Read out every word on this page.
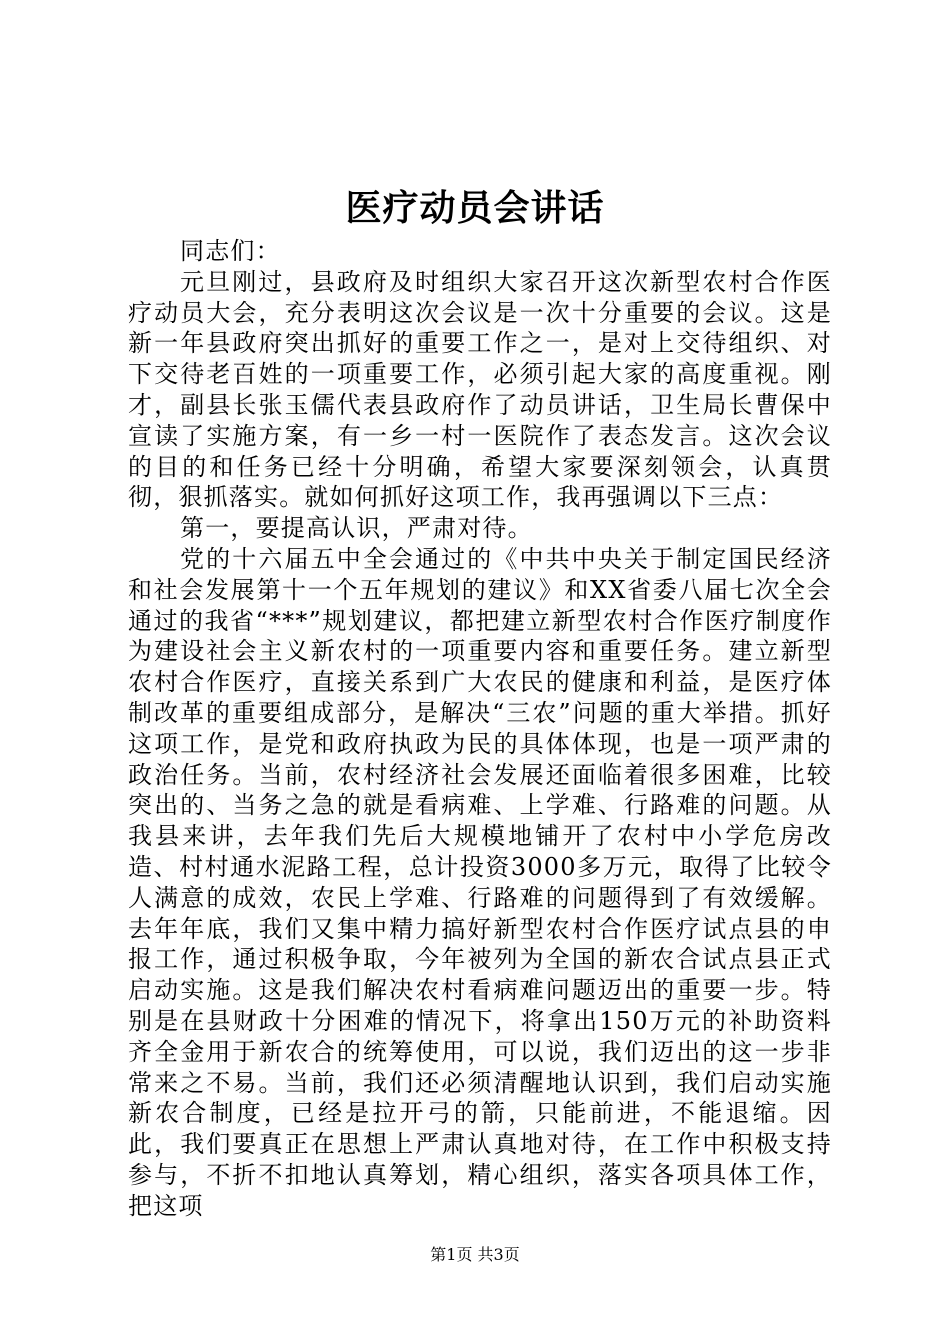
医疗动员会讲话

同志们：

元旦刚过，县政府及时组织大家召开这次新型农村合作医疗动员大会，充分表明这次会议是一次十分重要的会议。这是新一年县政府突出抓好的重要工作之一，是对上交待组织、对下交待老百姓的一项重要工作，必须引起大家的高度重视。刚才，副县长张玉儒代表县政府作了动员讲话，卫生局长曹保中宣读了实施方案，有一乡一村一医院作了表态发言。这次会议的目的和任务已经十分明确，希望大家要深刻领会，认真贯彻，狠抓落实。就如何抓好这项工作，我再强调以下三点：

第一，要提高认识，严肃对待。

党的十六届五中全会通过的《中共中央关于制定国民经济和社会发展第十一个五年规划的建议》和XX省委八届七次全会通过的我省“***”规划建议，都把建立新型农村合作医疗制度作为建设社会主义新农村的一项重要内容和重要任务。建立新型农村合作医疗，直接关系到广大农民的健康和利益，是医疗体制改革的重要组成部分，是解决“三农”问题的重大举措。抓好这项工作，是党和政府执政为民的具体体现，也是一项严肃的政治任务。当前，农村经济社会发展还面临着很多困难，比较突出的、当务之急的就是看病难、上学难、行路难的问题。从我县来讲，去年我们先后大规模地铺开了农村中小学危房改造、村村通水泥路工程，总计投资3000多万元，取得了比较令人满意的成效，农民上学难、行路难的问题得到了有效缓解。去年年底，我们又集中精力搞好新型农村合作医疗试点县的申报工作，通过积极争取，今年被列为全国的新农合试点县正式启动实施。这是我们解决农村看病难问题迈出的重要一步。特别是在县财政十分困难的情况下，将拿出150万元的补助资料齐全金用于新农合的统筹使用，可以说，我们迈出的这一步非常来之不易。当前，我们还必须清醒地认识到，我们启动实施新农合制度，已经是拉开弓的箭，只能前进，不能退缩。因此，我们要真正在思想上严肃认真地对待，在工作中积极支持参与，不折不扣地认真筹划，精心组织，落实各项具体工作，把这项

第1页 共3页
